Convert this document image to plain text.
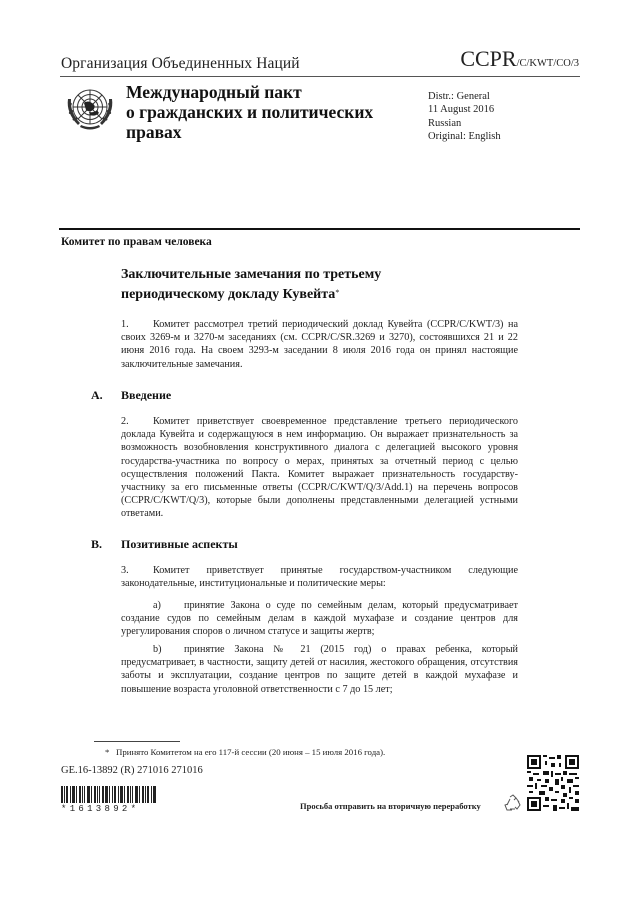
Организация Объединенных Наций	CCPR/C/KWT/CO/3
Международный пакт
о гражданских и политических
правах
Distr.: General
11 August 2016
Russian
Original: English
Комитет по правам человека
Заключительные замечания по третьему
периодическому докладу Кувейта*
1. Комитет рассмотрел третий периодический доклад Кувейта (CCPR/C/KWT/3) на своих 3269-м и 3270-м заседаниях (см. CCPR/C/SR.3269 и 3270), состоявшихся 21 и 22 июня 2016 года. На своем 3293-м заседании 8 июля 2016 года он принял настоящие заключительные замечания.
A. Введение
2. Комитет приветствует своевременное представление третьего периодического доклада Кувейта и содержащуюся в нем информацию. Он выражает признательность за возможность возобновления конструктивного диалога с делегацией высокого уровня государства-участника по вопросу о мерах, принятых за отчетный период с целью осуществления положений Пакта. Комитет выражает признательность государству-участнику за его письменные ответы (CCPR/C/KWT/Q/3/Add.1) на перечень вопросов (CCPR/C/KWT/Q/3), которые были дополнены представленными делегацией устными ответами.
B. Позитивные аспекты
3. Комитет приветствует принятые государством-участником следующие законодательные, институциональные и политические меры:
a) принятие Закона о суде по семейным делам, который предусматривает создание судов по семейным делам в каждой мухафазе и создание центров для урегулирования споров о личном статусе и защиты жертв;
b) принятие Закона № 21 (2015 год) о правах ребенка, который предусматривает, в частности, защиту детей от насилия, жестокого обращения, отсутствия заботы и эксплуатации, создание центров по защите детей в каждой мухафазе и повышение возраста уголовной ответственности с 7 до 15 лет;
* Принято Комитетом на его 117-й сессии (20 июня – 15 июля 2016 года).
GE.16-13892 (R) 271016 271016
*1613892*	Просьба отправить на вторичную переработку
